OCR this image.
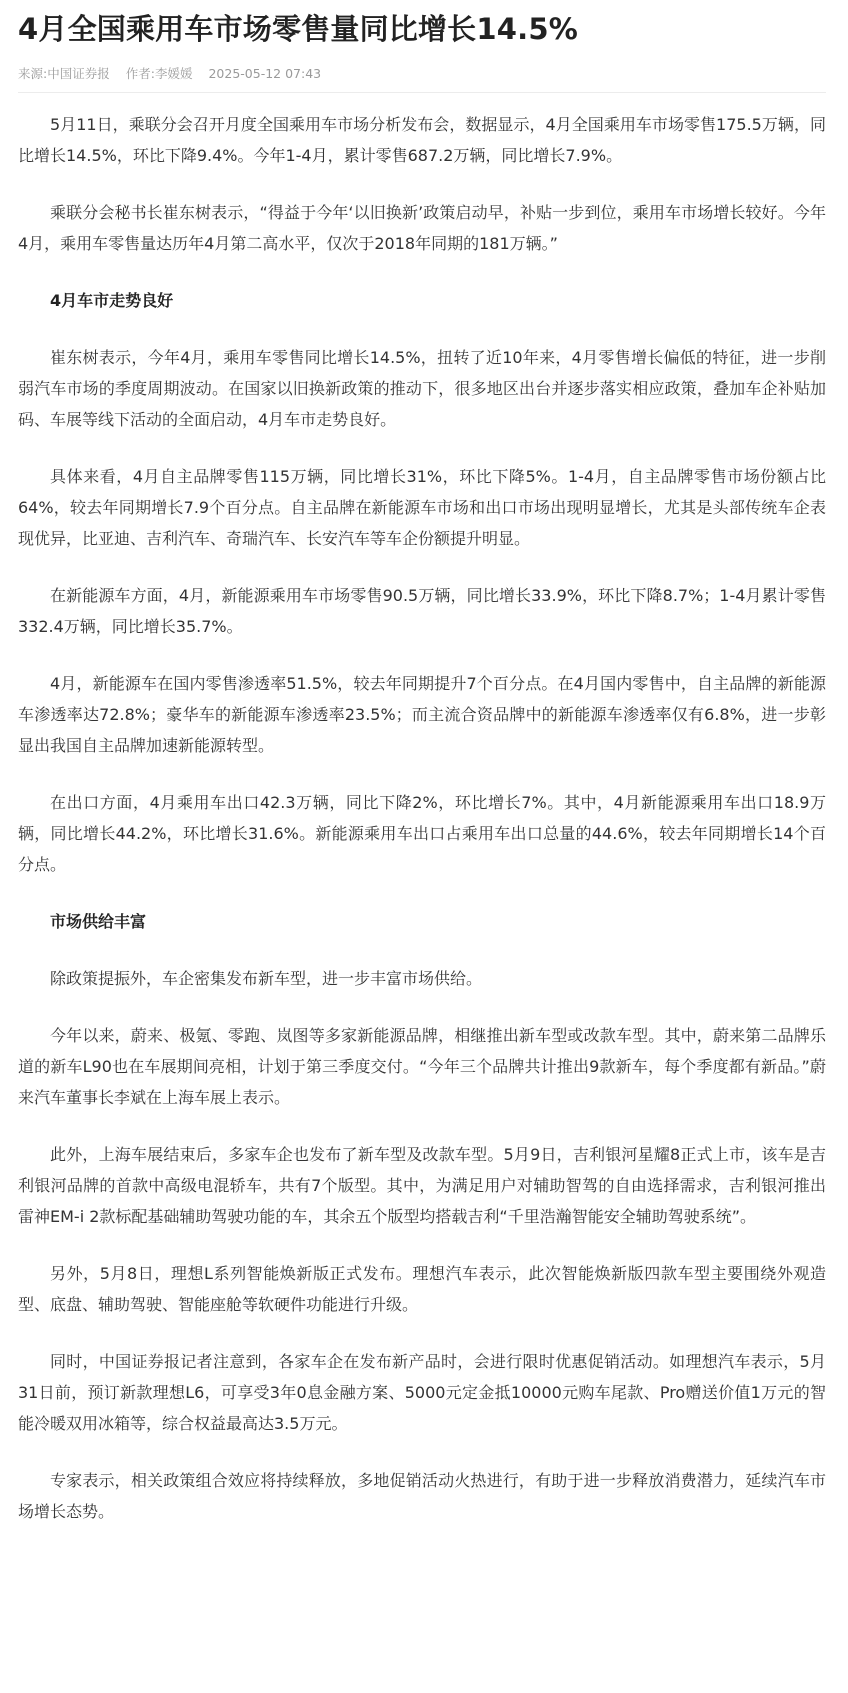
4月全国乘用车市场零售量同比增长14.5%
来源:中国证券报 作者:李媛媛 2025-05-12 07:43

5月11日，乘联分会召开月度全国乘用车市场分析发布会，数据显示，4月全国乘用车市场零售175.5万辆，同比增长14.5%，环比下降9.4%。今年1-4月，累计零售687.2万辆，同比增长7.9%。

乘联分会秘书长崔东树表示，“得益于今年‘以旧换新’政策启动早，补贴一步到位，乘用车市场增长较好。今年4月，乘用车零售量达历年4月第二高水平，仅次于2018年同期的181万辆。”

4月车市走势良好

崔东树表示，今年4月，乘用车零售同比增长14.5%，扭转了近10年来，4月零售增长偏低的特征，进一步削弱汽车市场的季度周期波动。在国家以旧换新政策的推动下，很多地区出台并逐步落实相应政策，叠加车企补贴加码、车展等线下活动的全面启动，4月车市走势良好。

具体来看，4月自主品牌零售115万辆，同比增长31%，环比下降5%。1-4月，自主品牌零售市场份额占比64%，较去年同期增长7.9个百分点。自主品牌在新能源车市场和出口市场出现明显增长，尤其是头部传统车企表现优异，比亚迪、吉利汽车、奇瑞汽车、长安汽车等车企份额提升明显。

在新能源车方面，4月，新能源乘用车市场零售90.5万辆，同比增长33.9%，环比下降8.7%；1-4月累计零售332.4万辆，同比增长35.7%。

4月，新能源车在国内零售渗透率51.5%，较去年同期提升7个百分点。在4月国内零售中，自主品牌的新能源车渗透率达72.8%；豪华车的新能源车渗透率23.5%；而主流合资品牌中的新能源车渗透率仅有6.8%，进一步彰显出我国自主品牌加速新能源转型。

在出口方面，4月乘用车出口42.3万辆，同比下降2%，环比增长7%。其中，4月新能源乘用车出口18.9万辆，同比增长44.2%，环比增长31.6%。新能源乘用车出口占乘用车出口总量的44.6%，较去年同期增长14个百分点。

市场供给丰富

除政策提振外，车企密集发布新车型，进一步丰富市场供给。

今年以来，蔚来、极氪、零跑、岚图等多家新能源品牌，相继推出新车型或改款车型。其中，蔚来第二品牌乐道的新车L90也在车展期间亮相，计划于第三季度交付。“今年三个品牌共计推出9款新车，每个季度都有新品。”蔚来汽车董事长李斌在上海车展上表示。

此外，上海车展结束后，多家车企也发布了新车型及改款车型。5月9日，吉利银河星耀8正式上市，该车是吉利银河品牌的首款中高级电混轿车，共有7个版型。其中，为满足用户对辅助智驾的自由选择需求，吉利银河推出雷神EM-i 2款标配基础辅助驾驶功能的车，其余五个版型均搭载吉利“千里浩瀚智能安全辅助驾驶系统”。

另外，5月8日，理想L系列智能焕新版正式发布。理想汽车表示，此次智能焕新版四款车型主要围绕外观造型、底盘、辅助驾驶、智能座舱等软硬件功能进行升级。

同时，中国证券报记者注意到，各家车企在发布新产品时，会进行限时优惠促销活动。如理想汽车表示，5月31日前，预订新款理想L6，可享受3年0息金融方案、5000元定金抵10000元购车尾款、Pro赠送价值1万元的智能冷暖双用冰箱等，综合权益最高达3.5万元。

专家表示，相关政策组合效应将持续释放，多地促销活动火热进行，有助于进一步释放消费潜力，延续汽车市场增长态势。
